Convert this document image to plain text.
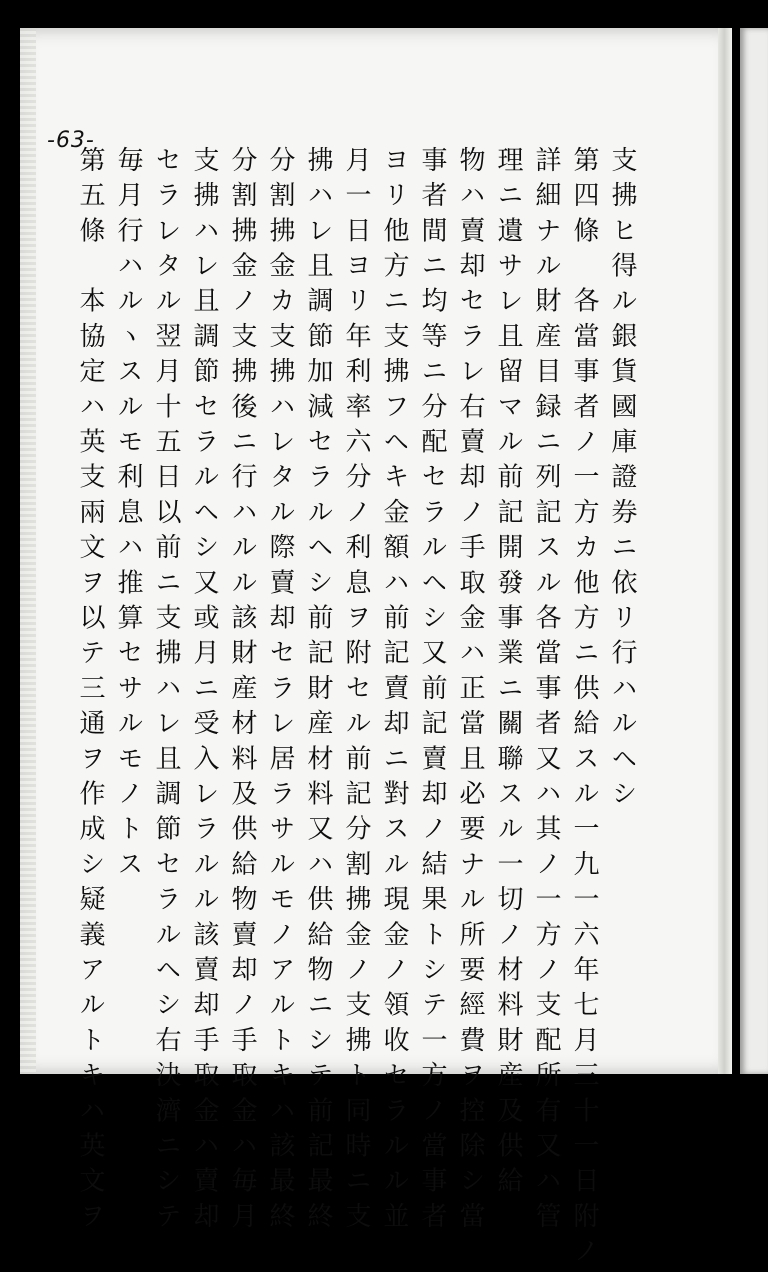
-63-
支拂ヒ得ル銀貨國庫證券ニ依リ行ハルヘシ
第四條　各當事者ノ一方カ他方ニ供給スル一九一六年七月三十一日附ノ
詳細ナル財産目録ニ列記スル各當事者又ハ其ノ一方ノ支配所有又ハ管
理ニ遺サレ且留マル前記開發事業ニ關聯スル一切ノ材料財産及供給
物ハ賣却セラレ右賣却ノ手取金ハ正當且必要ナル所要經費ヲ控除シ當
事者間ニ均等ニ分配セラルヘシ又前記賣却ノ結果トシテ一方ノ當事者
ヨリ他方ニ支拂フヘキ金額ハ前記賣却ニ對スル現金ノ領收セラルル並
月一日ヨリ年利率六分ノ利息ヲ附セル前記分割拂金ノ支拂ト同時ニ支
拂ハレ且調節加減セラルヘシ前記財産材料又ハ供給物ニシテ前記最終
分割拂金カ支拂ハレタル際賣却セラレ居ラサルモノアルトキハ該最終
分割拂金ノ支拂後ニ行ハルル該財産材料及供給物賣却ノ手取金ハ毎月
支拂ハレ且調節セラルヘシ又或月ニ受入レラルル該賣却手取金ハ賣却
セラレタル翌月十五日以前ニ支拂ハレ且調節セラルヘシ右決濟ニシテ
毎月行ハルヽスルモ利息ハ推算セサルモノトス
第五條　本協定ハ英支兩文ヲ以テ三通ヲ作成シ疑義アルトキハ英文ヲ
